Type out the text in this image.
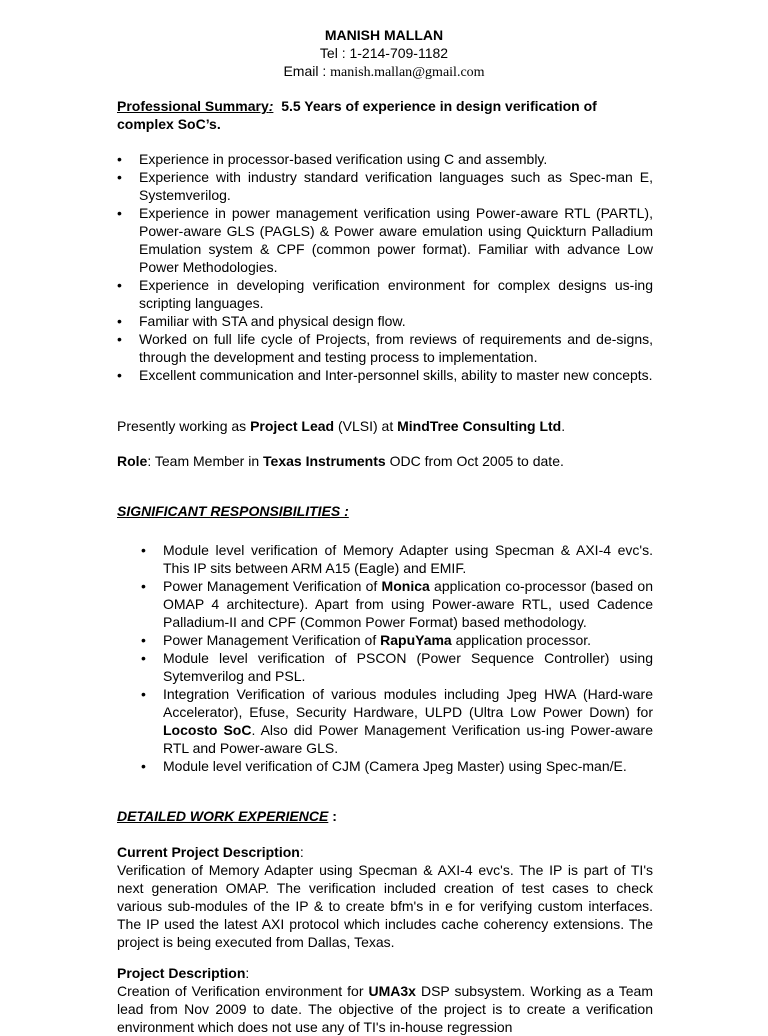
MANISH MALLAN
Tel : 1-214-709-1182
Email : manish.mallan@gmail.com
Professional Summary: 5.5 Years of experience in design verification of complex SoC’s.
• Experience in processor-based verification using C and assembly.
• Experience with industry standard verification languages such as Spec-man E, Systemverilog.
• Experience in power management verification using Power-aware RTL (PARTL), Power-aware GLS (PAGLS) & Power aware emulation using Quickturn Palladium Emulation system & CPF (common power format). Familiar with advance Low Power Methodologies.
• Experience in developing verification environment for complex designs us-ing scripting languages.
• Familiar with STA and physical design flow.
• Worked on full life cycle of Projects, from reviews of requirements and de-signs, through the development and testing process to implementation.
• Excellent communication and Inter-personnel skills, ability to master new concepts.
Presently working as Project Lead (VLSI) at MindTree Consulting Ltd.
Role: Team Member in Texas Instruments ODC from Oct 2005 to date.
SIGNIFICANT RESPONSIBILITIES :
• Module level verification of Memory Adapter using Specman & AXI-4 evc's. This IP sits between ARM A15 (Eagle) and EMIF.
• Power Management Verification of Monica application co-processor (based on OMAP 4 architecture). Apart from using Power-aware RTL, used Cadence Palladium-II and CPF (Common Power Format) based methodology.
• Power Management Verification of RapuYama application processor.
• Module level verification of PSCON (Power Sequence Controller) using Sytemverilog and PSL.
• Integration Verification of various modules including Jpeg HWA (Hard-ware Accelerator), Efuse, Security Hardware, ULPD (Ultra Low Power Down) for Locosto SoC. Also did Power Management Verification us-ing Power-aware RTL and Power-aware GLS.
• Module level verification of CJM (Camera Jpeg Master) using Spec-man/E.
DETAILED WORK EXPERIENCE :
Current Project Description:
Verification of Memory Adapter using Specman & AXI-4 evc's. The IP is part of TI's next generation OMAP. The verification included creation of test cases to check various sub-modules of the IP & to create bfm's in e for verifying custom interfaces. The IP used the latest AXI protocol which includes cache coherency extensions. The project is being executed from Dallas, Texas.
Project Description:
Creation of Verification environment for UMA3x DSP subsystem. Working as a Team lead from Nov 2009 to date. The objective of the project is to create a verification environment which does not use any of TI's in-house regression
